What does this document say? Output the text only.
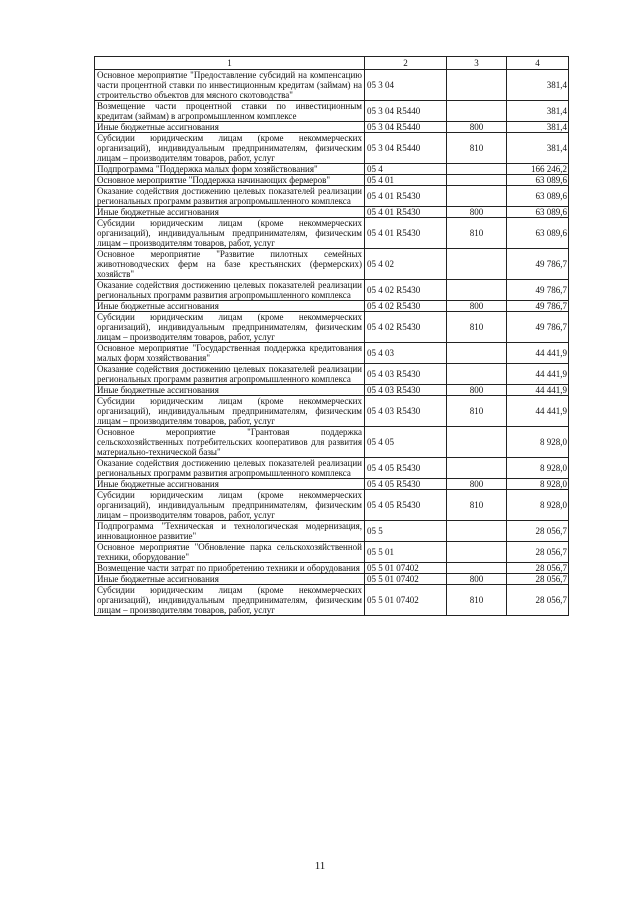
1	2	3	4
Основное мероприятие "Предоставление субсидий на компенсацию части процентной ставки по инвестиционным кредитам (займам) на строительство объектов для мясного скотоводства"	05 3 04		381,4
Возмещение части процентной ставки по инвестиционным кредитам (займам) в агропромышленном комплексе	05 3 04 R5440		381,4
Иные бюджетные ассигнования	05 3 04 R5440	800	381,4
Субсидии юридическим лицам (кроме некоммерческих организаций), индивидуальным предпринимателям, физическим лицам – производителям товаров, работ, услуг	05 3 04 R5440	810	381,4
Подпрограмма "Поддержка малых форм хозяйствования"	05 4		166 246,2
Основное мероприятие "Поддержка начинающих фермеров"	05 4 01		63 089,6
Оказание содействия достижению целевых показателей реализации региональных программ развития агропромышленного комплекса	05 4 01 R5430		63 089,6
Иные бюджетные ассигнования	05 4 01 R5430	800	63 089,6
Субсидии юридическим лицам (кроме некоммерческих организаций), индивидуальным предпринимателям, физическим лицам – производителям товаров, работ, услуг	05 4 01 R5430	810	63 089,6
Основное мероприятие "Развитие пилотных семейных животноводческих ферм на базе крестьянских (фермерских) хозяйств"	05 4 02		49 786,7
Оказание содействия достижению целевых показателей реализации региональных программ развития агропромышленного комплекса	05 4 02 R5430		49 786,7
Иные бюджетные ассигнования	05 4 02 R5430	800	49 786,7
Субсидии юридическим лицам (кроме некоммерческих организаций), индивидуальным предпринимателям, физическим лицам – производителям товаров, работ, услуг	05 4 02 R5430	810	49 786,7
Основное мероприятие "Государственная поддержка кредитования малых форм хозяйствования"	05 4 03		44 441,9
Оказание содействия достижению целевых показателей реализации региональных программ развития агропромышленного комплекса	05 4 03 R5430		44 441,9
Иные бюджетные ассигнования	05 4 03 R5430	800	44 441,9
Субсидии юридическим лицам (кроме некоммерческих организаций), индивидуальным предпринимателям, физическим лицам – производителям товаров, работ, услуг	05 4 03 R5430	810	44 441,9
Основное мероприятие "Грантовая поддержка сельскохозяйственных потребительских кооперативов для развития материально-технической базы"	05 4 05		8 928,0
Оказание содействия достижению целевых показателей реализации региональных программ развития агропромышленного комплекса	05 4 05 R5430		8 928,0
Иные бюджетные ассигнования	05 4 05 R5430	800	8 928,0
Субсидии юридическим лицам (кроме некоммерческих организаций), индивидуальным предпринимателям, физическим лицам – производителям товаров, работ, услуг	05 4 05 R5430	810	8 928,0
Подпрограмма "Техническая и технологическая модернизация, инновационное развитие"	05 5		28 056,7
Основное мероприятие "Обновление парка сельскохозяйственной техники, оборудование"	05 5 01		28 056,7
Возмещение части затрат по приобретению техники и оборудования	05 5 01 07402		28 056,7
Иные бюджетные ассигнования	05 5 01 07402	800	28 056,7
Субсидии юридическим лицам (кроме некоммерческих организаций), индивидуальным предпринимателям, физическим лицам – производителям товаров, работ, услуг	05 5 01 07402	810	28 056,7
11
